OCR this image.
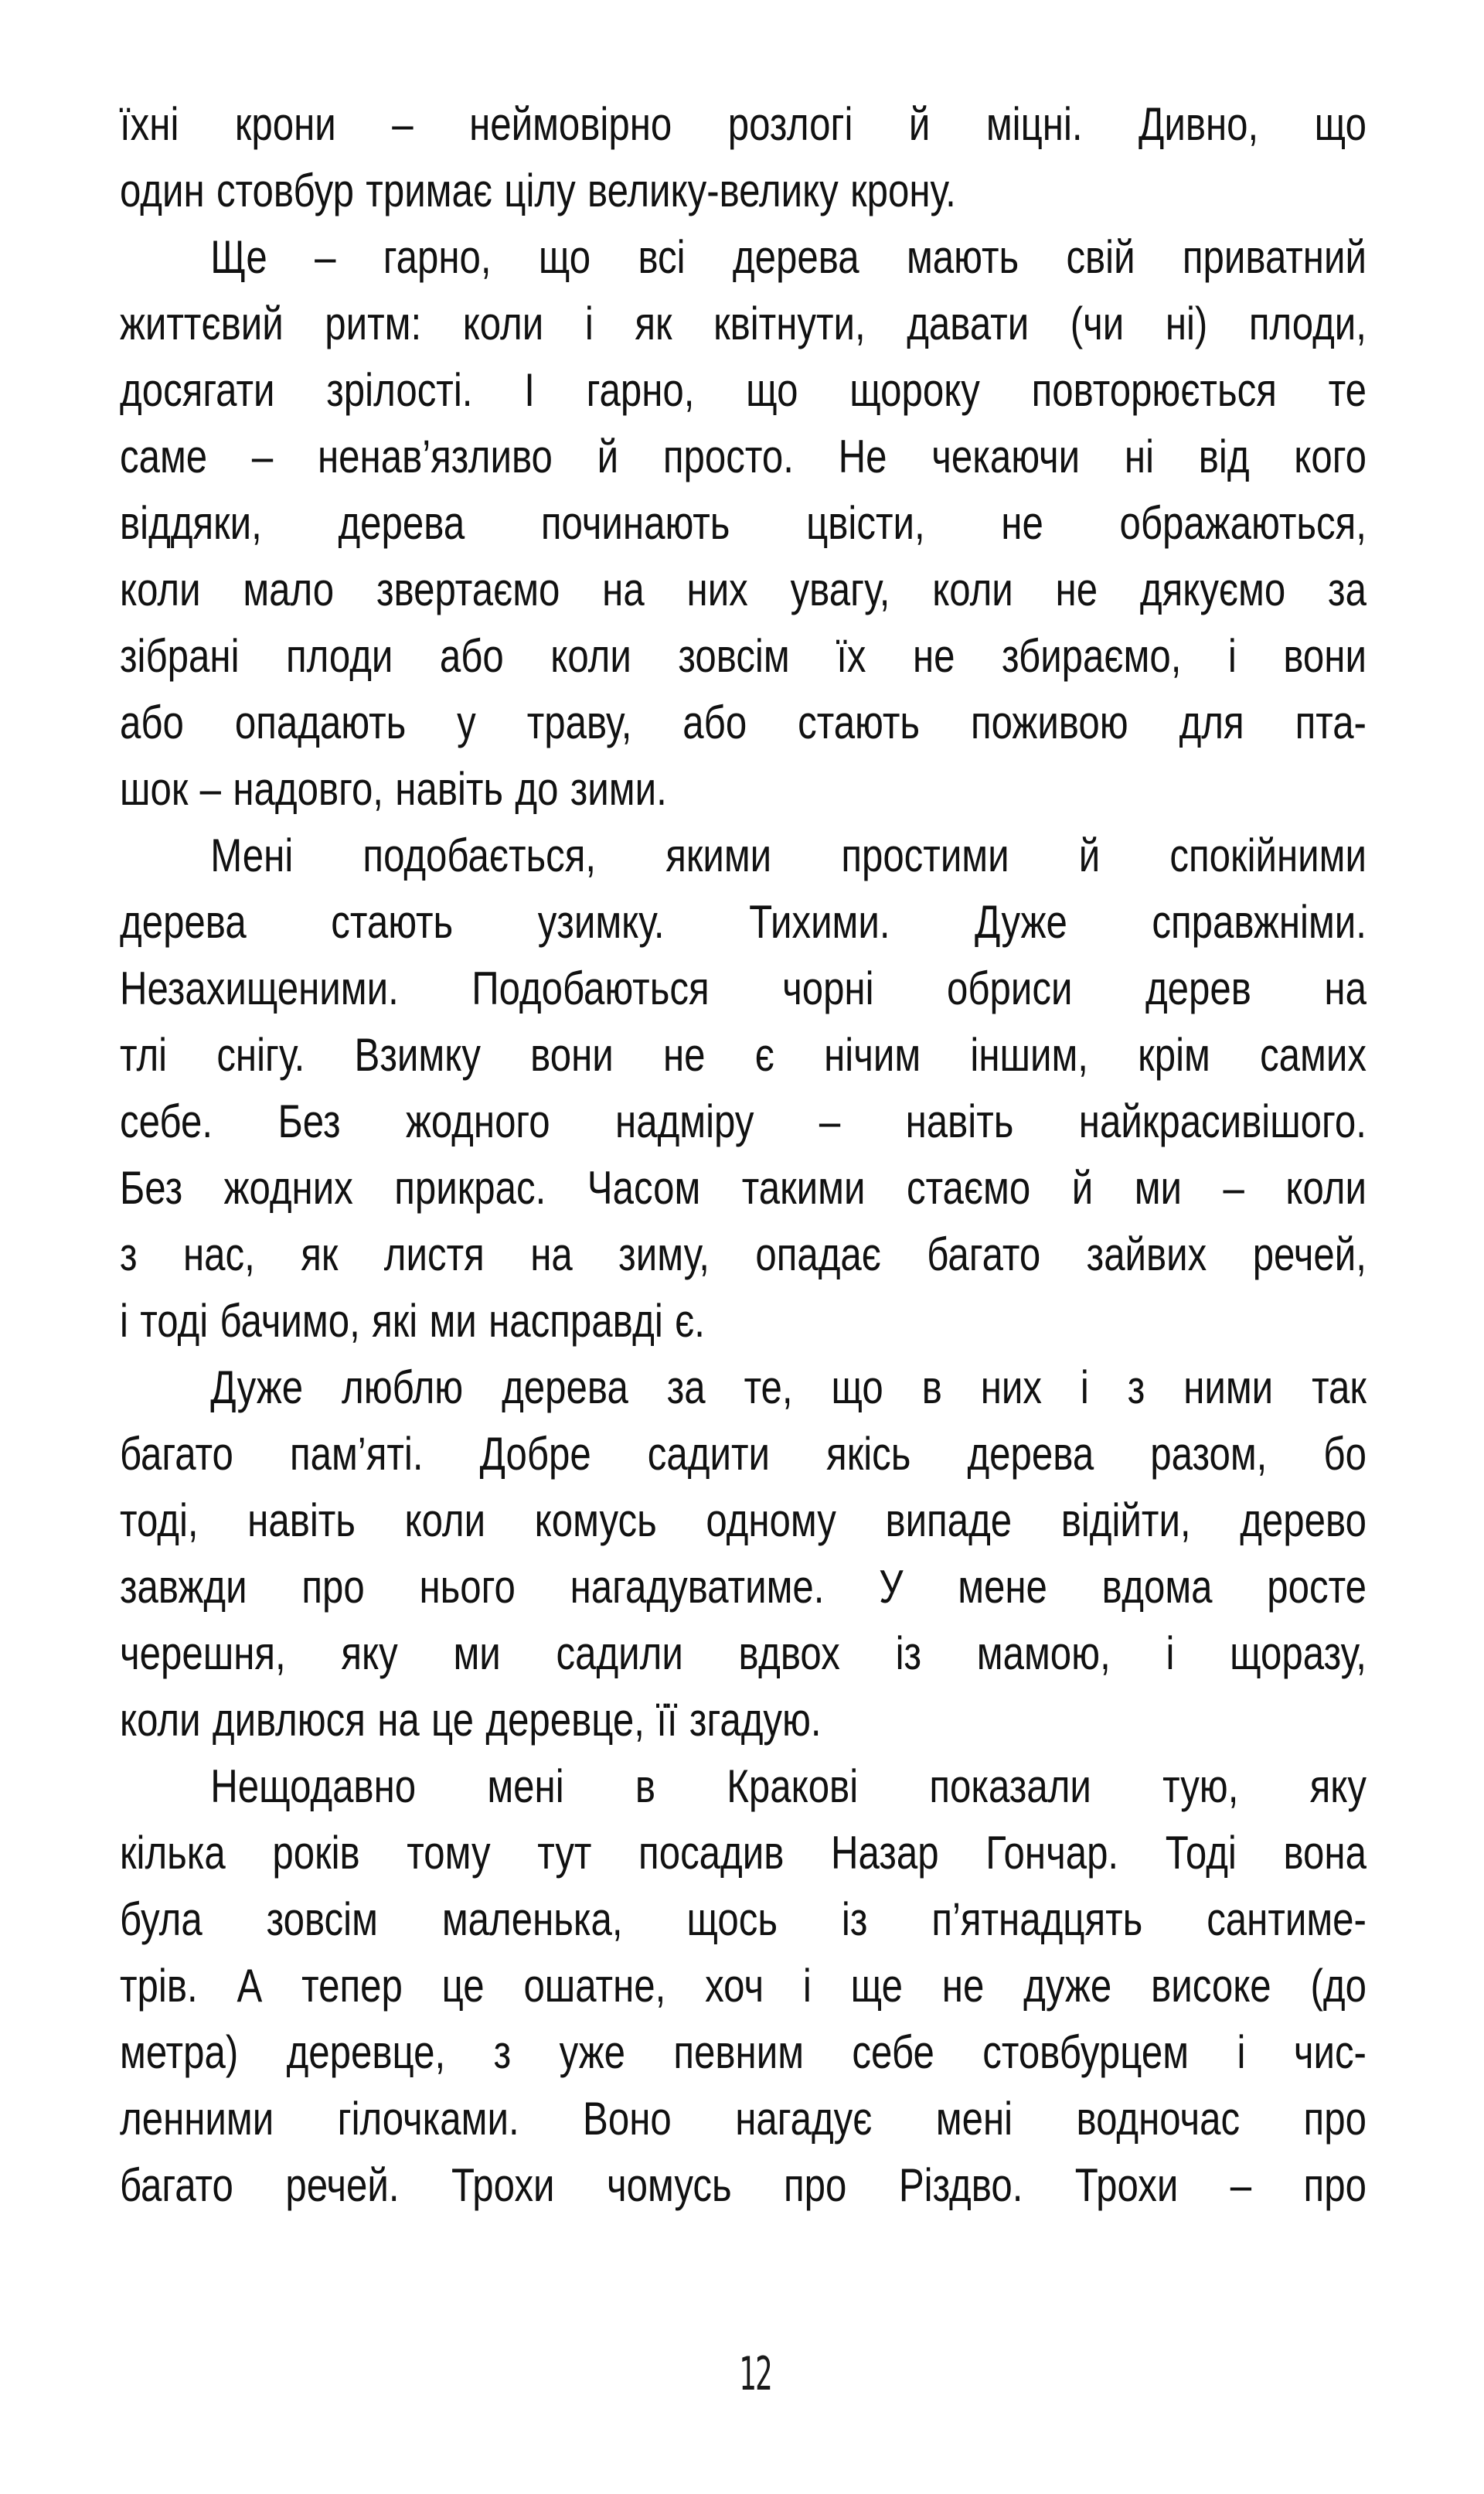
їхні крони – неймовірно розлогі й міцні. Дивно, що
один стовбур тримає цілу велику-велику крону.
Ще – гарно, що всі дерева мають свій приватний
життєвий ритм: коли і як квітнути, давати (чи ні) плоди,
досягати зрілості. І гарно, що щороку повторюється те
саме – ненав’язливо й просто. Не чекаючи ні від кого
віддяки, дерева починають цвісти, не ображаються,
коли мало звертаємо на них увагу, коли не дякуємо за
зібрані плоди або коли зовсім їх не збираємо, і вони
або опадають у траву, або стають поживою для пта-
шок – надовго, навіть до зими.
Мені подобається, якими простими й спокійними
дерева стають узимку. Тихими. Дуже справжніми.
Незахищеними. Подобаються чорні обриси дерев на
тлі снігу. Взимку вони не є нічим іншим, крім самих
себе. Без жодного надміру – навіть найкрасивішого.
Без жодних прикрас. Часом такими стаємо й ми – коли
з нас, як листя на зиму, опадає багато зайвих речей,
і тоді бачимо, які ми насправді є.
Дуже люблю дерева за те, що в них і з ними так
багато пам’яті. Добре садити якісь дерева разом, бо
тоді, навіть коли комусь одному випаде відійти, дерево
завжди про нього нагадуватиме. У мене вдома росте
черешня, яку ми садили вдвох із мамою, і щоразу,
коли дивлюся на це деревце, її згадую.
Нещодавно мені в Кракові показали тую, яку
кілька років тому тут посадив Назар Гончар. Тоді вона
була зовсім маленька, щось із п’ятнадцять сантиме-
трів. А тепер це ошатне, хоч і ще не дуже високе (до
метра) деревце, з уже певним себе стовбурцем і чис-
ленними гілочками. Воно нагадує мені водночас про
багато речей. Трохи чомусь про Різдво. Трохи – про
12
